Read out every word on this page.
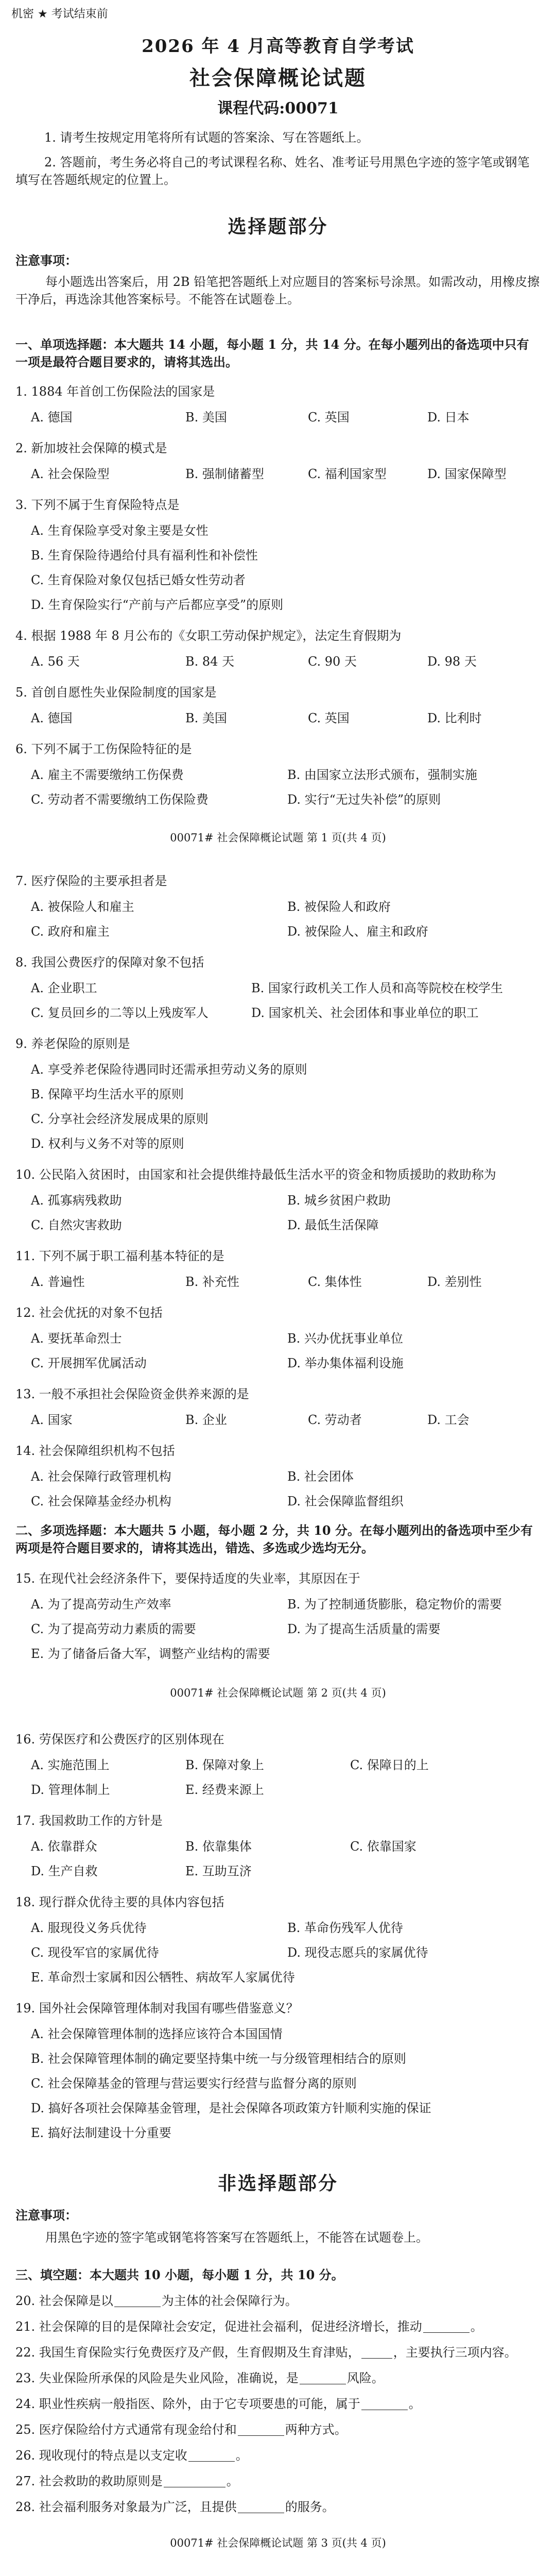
机密 ★ 考试结束前
2026 年 4 月高等教育自学考试
社会保障概论试题
课程代码:00071
1. 请考生按规定用笔将所有试题的答案涂、写在答题纸上。
2. 答题前，考生务必将自己的考试课程名称、姓名、准考证号用黑色字迹的签字笔或钢笔填写在答题纸规定的位置上。
选择题部分
注意事项：
每小题选出答案后，用 2B 铅笔把答题纸上对应题目的答案标号涂黑。如需改动，用橡皮擦干净后，再选涂其他答案标号。不能答在试题卷上。
一、单项选择题：本大题共 14 小题，每小题 1 分，共 14 分。在每小题列出的备选项中只有一项是最符合题目要求的，请将其选出。
1. 1884 年首创工伤保险法的国家是
A. 德国	B. 美国	C. 英国	D. 日本
2. 新加坡社会保障的模式是
A. 社会保险型	B. 强制储蓄型	C. 福利国家型	D. 国家保障型
3. 下列不属于生育保险特点是
A. 生育保险享受对象主要是女性
B. 生育保险待遇给付具有福利性和补偿性
C. 生育保险对象仅包括已婚女性劳动者
D. 生育保险实行“产前与产后都应享受”的原则
4. 根据 1988 年 8 月公布的《女职工劳动保护规定》，法定生育假期为
A. 56 天	B. 84 天	C. 90 天	D. 98 天
5. 首创自愿性失业保险制度的国家是
A. 德国	B. 美国	C. 英国	D. 比利时
6. 下列不属于工伤保险特征的是
A. 雇主不需要缴纳工伤保费	B. 由国家立法形式颁布，强制实施
C. 劳动者不需要缴纳工伤保险费	D. 实行“无过失补偿”的原则
00071# 社会保障概论试题 第 1 页(共 4 页)
7. 医疗保险的主要承担者是
A. 被保险人和雇主	B. 被保险人和政府
C. 政府和雇主	D. 被保险人、雇主和政府
8. 我国公费医疗的保障对象不包括
A. 企业职工	B. 国家行政机关工作人员和高等院校在校学生
C. 复员回乡的二等以上残废军人	D. 国家机关、社会团体和事业单位的职工
9. 养老保险的原则是
A. 享受养老保险待遇同时还需承担劳动义务的原则
B. 保障平均生活水平的原则
C. 分享社会经济发展成果的原则
D. 权利与义务不对等的原则
10. 公民陷入贫困时，由国家和社会提供维持最低生活水平的资金和物质援助的救助称为
A. 孤寡病残救助	B. 城乡贫困户救助
C. 自然灾害救助	D. 最低生活保障
11. 下列不属于职工福利基本特征的是
A. 普遍性	B. 补充性	C. 集体性	D. 差别性
12. 社会优抚的对象不包括
A. 要抚革命烈士	B. 兴办优抚事业单位
C. 开展拥军优属活动	D. 举办集体福利设施
13. 一般不承担社会保险资金供养来源的是
A. 国家	B. 企业	C. 劳动者	D. 工会
14. 社会保障组织机构不包括
A. 社会保障行政管理机构	B. 社会团体
C. 社会保障基金经办机构	D. 社会保障监督组织
二、多项选择题：本大题共 5 小题，每小题 2 分，共 10 分。在每小题列出的备选项中至少有两项是符合题目要求的，请将其选出，错选、多选或少选均无分。
15. 在现代社会经济条件下，要保持适度的失业率，其原因在于
A. 为了提高劳动生产效率	B. 为了控制通货膨胀，稳定物价的需要
C. 为了提高劳动力素质的需要	D. 为了提高生活质量的需要
E. 为了储备后备大军，调整产业结构的需要
00071# 社会保障概论试题 第 2 页(共 4 页)
16. 劳保医疗和公费医疗的区别体现在
A. 实施范围上	B. 保障对象上	C. 保障日的上
D. 管理体制上	E. 经费来源上
17. 我国救助工作的方针是
A. 依靠群众	B. 依靠集体	C. 依靠国家
D. 生产自救	E. 互助互济
18. 现行群众优待主要的具体内容包括
A. 服现役义务兵优待	B. 革命伤残军人优待
C. 现役军官的家属优待	D. 现役志愿兵的家属优待
E. 革命烈士家属和因公牺牲、病故军人家属优待
19. 国外社会保障管理体制对我国有哪些借鉴意义？
A. 社会保障管理体制的选择应该符合本国国情
B. 社会保障管理体制的确定要坚持集中统一与分级管理相结合的原则
C. 社会保障基金的管理与营运要实行经营与监督分离的原则
D. 搞好各项社会保障基金管理，是社会保障各项政策方针顺利实施的保证
E. 搞好法制建设十分重要
非选择题部分
注意事项：
用黑色字迹的签字笔或钢笔将答案写在答题纸上，不能答在试题卷上。
三、填空题：本大题共 10 小题，每小题 1 分，共 10 分。
20. 社会保障是以	为主体的社会保障行为。
21. 社会保障的目的是保障社会安定，促进社会福利，促进经济增长，推动	。
22. 我国生育保险实行免费医疗及产假，生育假期及生育津贴，	，主要执行三项内容。
23. 失业保险所承保的风险是失业风险，准确说，是	风险。
24. 职业性疾病一般指医、除外，由于它专项要患的可能，属于	。
25. 医疗保险给付方式通常有现金给付和	两种方式。
26. 现收现付的特点是以支定收	。
27. 社会救助的救助原则是	。
28. 社会福利服务对象最为广泛，且提供	的服务。
00071# 社会保障概论试题 第 3 页(共 4 页)
